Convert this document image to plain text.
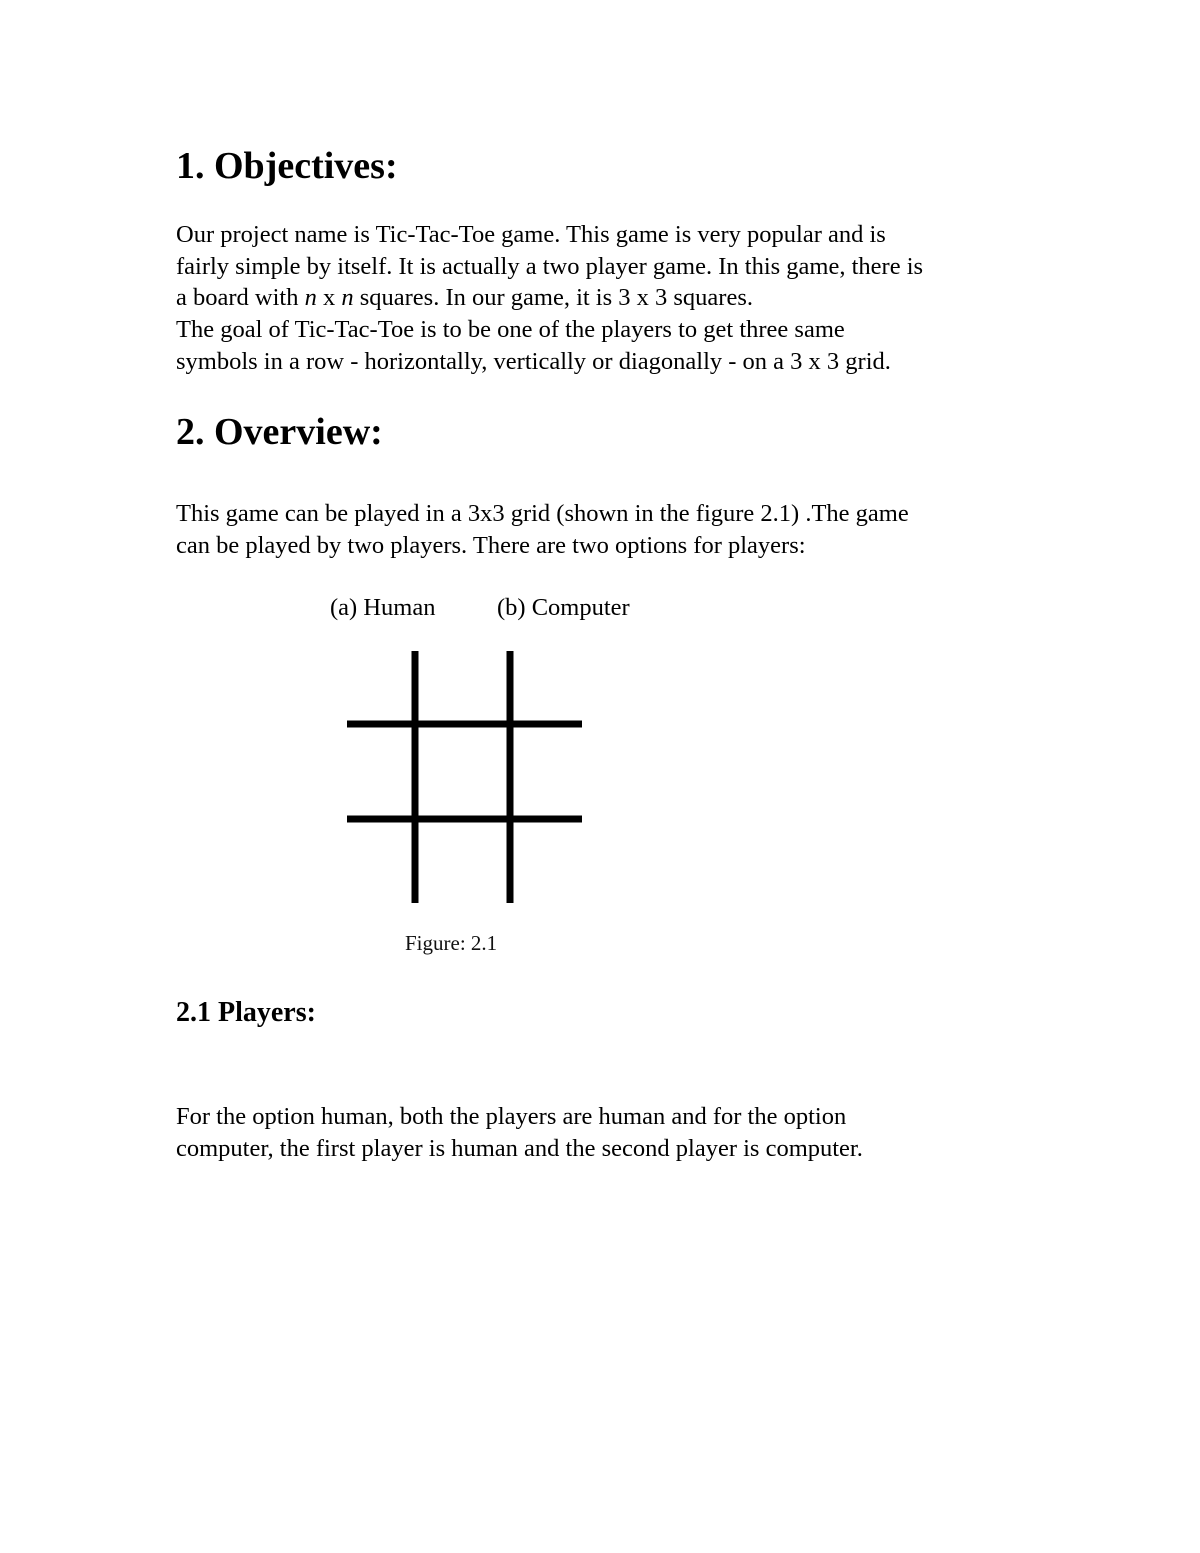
1. Objectives:

Our project name is Tic-Tac-Toe game. This game is very popular and is
fairly simple by itself. It is actually a two player game. In this game, there is
a board with n x n squares. In our game, it is 3 x 3 squares.

The goal of Tic-Tac-Toe is to be one of the players to get three same
symbols in a row - horizontally, vertically or diagonally - on a 3 x 3 grid.

2. Overview:

This game can be played in a 3x3 grid (shown in the figure 2.1) .The game
can be played by two players. There are two options for players:

(a) Human	(b) Computer
Figure: 2.1
2.1 Players:

For the option human, both the players are human and for the option
computer, the first player is human and the second player is computer.
